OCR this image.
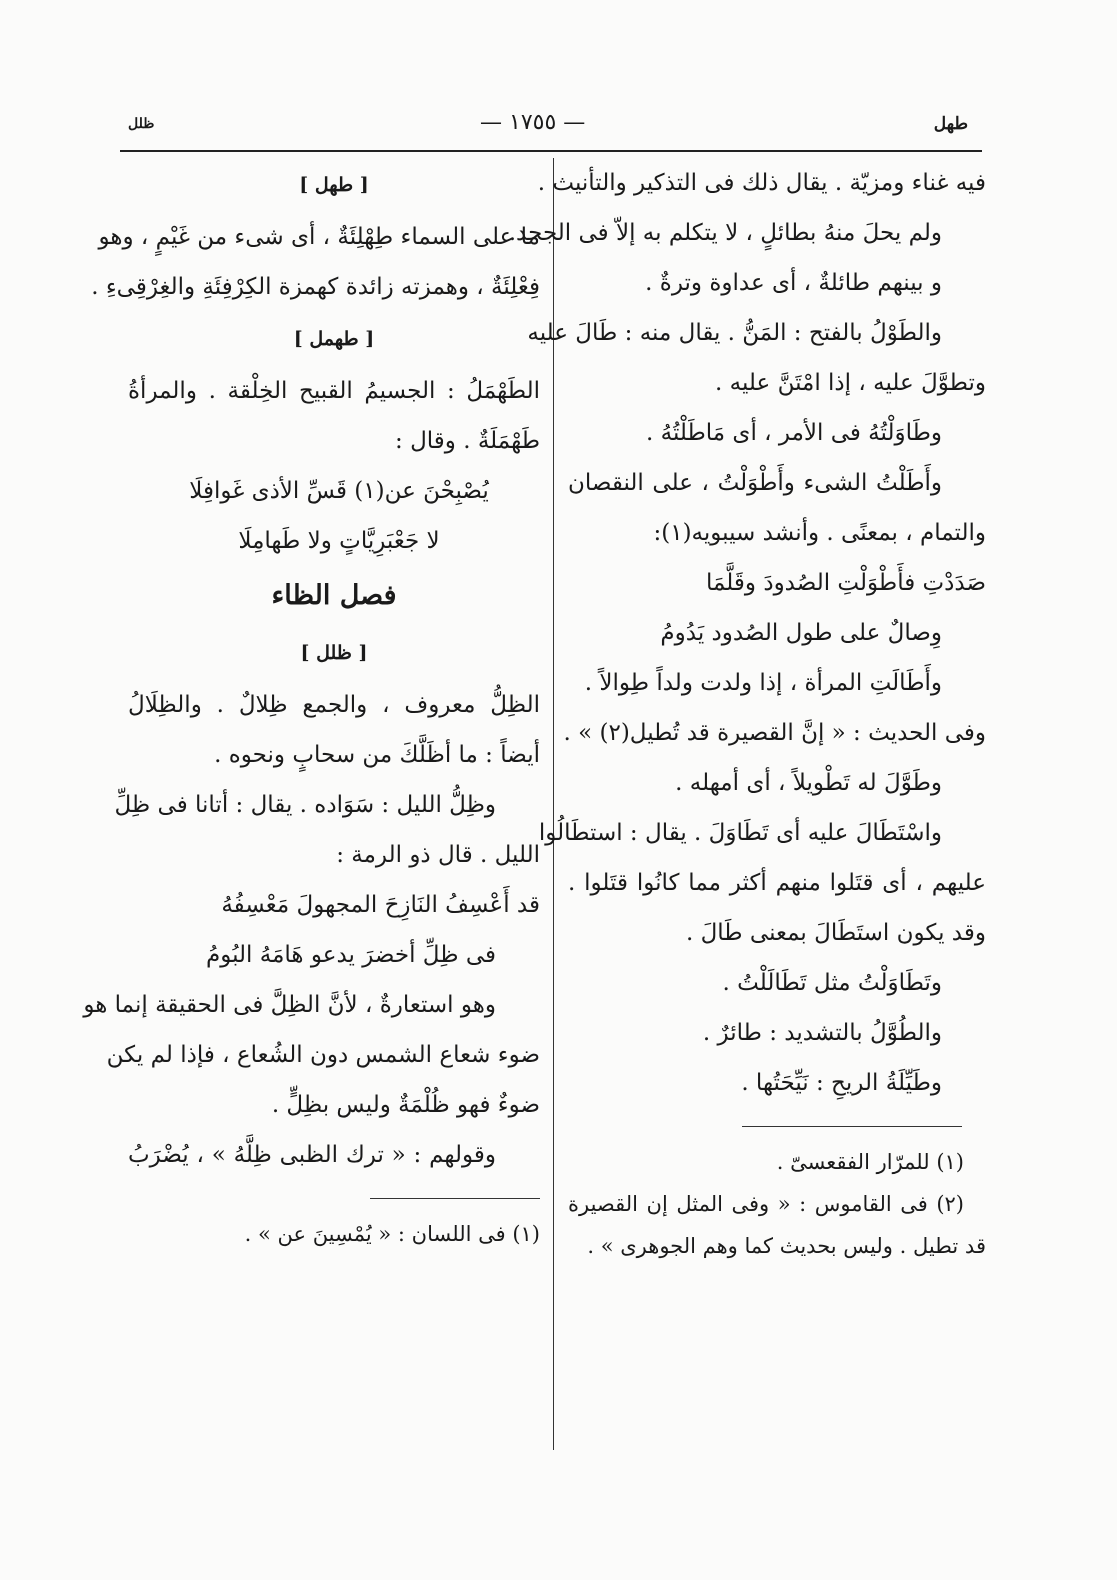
طهل
— ١٧٥٥ —
ظلل
فيه غناء ومزيّة . يقال ذلك فى التذكير والتأنيث .
ولم يحلَ منهُ بطائلٍ ، لا يتكلم به إلاّ فى الجحد.
و بينهم طائلةٌ ، أى عداوة وترةٌ .
والطَوْلُ بالفتح : المَنُّ . يقال منه : طَالَ عليه
وتطوَّلَ عليه ، إذا امْتَنَّ عليه .
وطَاوَلْتُهُ فى الأمر ، أى مَاطَلْتُهُ .
وأَطَلْتُ الشىء وأَطْوَلْتُ ، على النقصان
والتمام ، بمعنًى . وأنشد سيبويه(١):
صَدَدْتِ فأَطْوَلْتِ الصُدودَ وقَلَّمَا
وِصالٌ على طول الصُدود يَدُومُ
وأَطَالَتِ المرأة ، إذا ولدت ولداً طِوالاً .
وفى الحديث : « إنَّ القصيرة قد تُطيل(٢) » .
وطَوَّلَ له تَطْويلاً ، أى أمهله .
واسْتَطَالَ عليه أى تَطَاوَلَ . يقال : استطَالُوا
عليهم ، أى قتَلوا منهم أكثر مما كانُوا قتَلوا .
وقد يكون استَطَالَ بمعنى طَالَ .
وتَطَاوَلْتُ مثل تَطَالَلْتُ .
والطُوَّلُ بالتشديد : طائرٌ .
وطَيِّلَةُ الريحِ : نَيِّحَتُها .
(١) للمرّار الفقعسىّ .
(٢) فى القاموس : « وفى المثل إن القصيرة
قد تطيل . وليس بحديث كما وهم الجوهرى » .
[ طهل ]
ما على السماء طِهْلِئَةٌ ، أى شىء من غَيْمٍ ، وهو
فِعْلِئَةٌ ، وهمزته زائدة كهمزة الكِرْفِئَةِ والغِرْقِىءِ .
[ طهمل ]
الطَهْمَلُ : الجسيمُ القبيح الخِلْقة . والمرأةُ
طَهْمَلَةٌ . وقال :
يُصْبِحْنَ عن(١) قَسِّ الأذى غَوافِلَا
لا جَعْبَرِيَّاتٍ ولا طَهامِلَا
فصل الظاء
[ ظلل ]
الظِلُّ معروف ، والجمع ظِلالٌ . والظِلَالُ
أيضاً : ما أظَلَّكَ من سحابٍ ونحوه .
وظِلُّ الليل : سَوَاده . يقال : أتانا فى ظِلِّ
الليل . قال ذو الرمة :
قد أَعْسِفُ النَازِحَ المجهولَ مَعْسِفُهُ
فى ظِلِّ أخضرَ يدعو هَامَهُ البُومُ
وهو استعارةٌ ، لأنَّ الظِلَّ فى الحقيقة إنما هو
ضوء شعاع الشمس دون الشُعاع ، فإذا لم يكن
ضوءٌ فهو ظُلْمَةٌ وليس بظِلٍّ .
وقولهم : « ترك الظبى ظِلَّهُ » ، يُضْرَبُ
(١) فى اللسان : « يُمْسِينَ عن » .
